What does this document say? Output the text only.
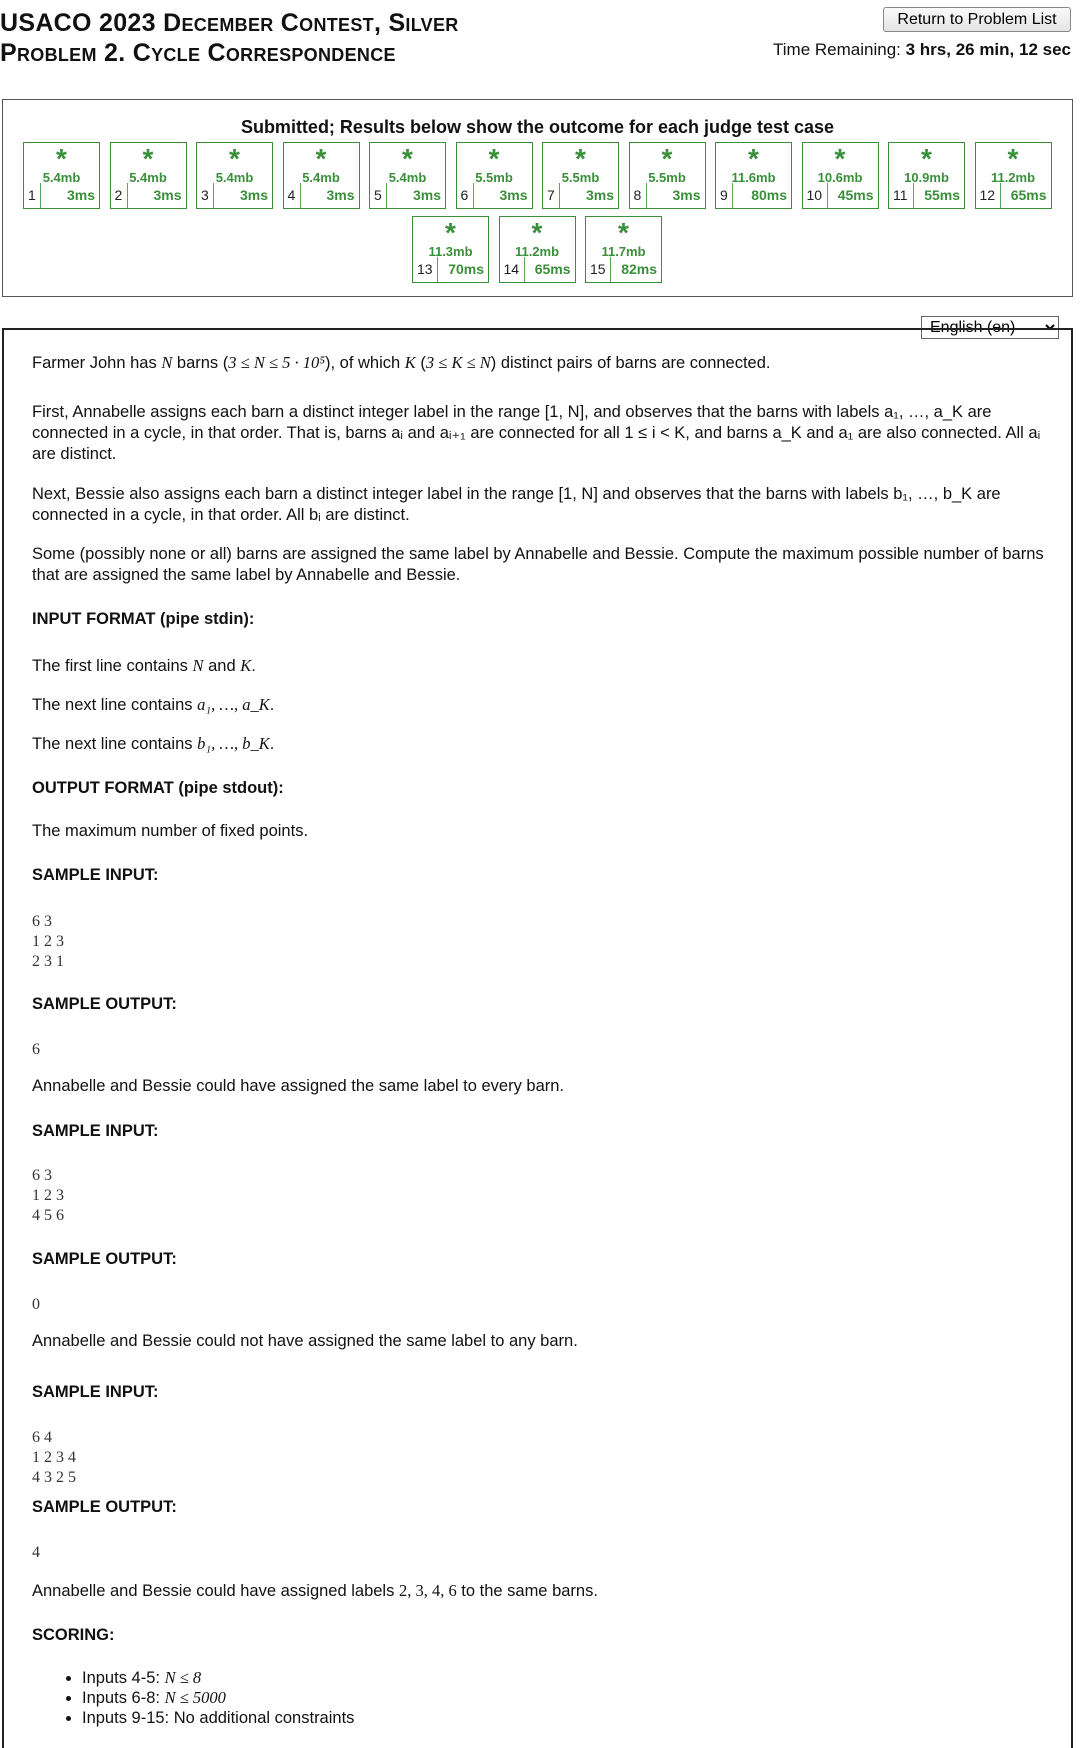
USACO 2023 December Contest, Silver
Problem 2. Cycle Correspondence
Return to Problem List
Time Remaining: 3 hrs, 26 min, 12 sec
Submitted; Results below show the outcome for each judge test case
*
5.4mb
1 3ms
*
5.4mb
2 3ms
*
5.4mb
3 3ms
*
5.4mb
4 3ms
*
5.4mb
5 3ms
*
5.5mb
6 3ms
*
5.5mb
7 3ms
*
5.5mb
8 3ms
*
11.6mb
9 80ms
*
10.6mb
10 45ms
*
10.9mb
11 55ms
*
11.2mb
12 65ms
*
11.3mb
13 70ms
*
11.2mb
14 65ms
*
11.7mb
15 82ms
English (en)
Farmer John has N barns (3 ≤ N ≤ 5 · 10⁵), of which K (3 ≤ K ≤ N) distinct pairs of barns are connected.
First, Annabelle assigns each barn a distinct integer label in the range [1, N], and observes that the barns with labels a₁, …, a_K are connected in a cycle, in that order. That is, barns aᵢ and aᵢ₊₁ are connected for all 1 ≤ i < K, and barns a_K and a₁ are also connected. All aᵢ are distinct.
Next, Bessie also assigns each barn a distinct integer label in the range [1, N] and observes that the barns with labels b₁, …, b_K are connected in a cycle, in that order. All bᵢ are distinct.
Some (possibly none or all) barns are assigned the same label by Annabelle and Bessie. Compute the maximum possible number of barns that are assigned the same label by Annabelle and Bessie.
INPUT FORMAT (pipe stdin):
The first line contains N and K.
The next line contains a₁, …, a_K.
The next line contains b₁, …, b_K.
OUTPUT FORMAT (pipe stdout):
The maximum number of fixed points.
SAMPLE INPUT:
6 3
1 2 3
2 3 1
SAMPLE OUTPUT:
6
Annabelle and Bessie could have assigned the same label to every barn.
SAMPLE INPUT:
6 3
1 2 3
4 5 6
SAMPLE OUTPUT:
0
Annabelle and Bessie could not have assigned the same label to any barn.
SAMPLE INPUT:
6 4
1 2 3 4
4 3 2 5
SAMPLE OUTPUT:
4
Annabelle and Bessie could have assigned labels 2, 3, 4, 6 to the same barns.
SCORING:
• Inputs 4-5: N ≤ 8
• Inputs 6-8: N ≤ 5000
• Inputs 9-15: No additional constraints
